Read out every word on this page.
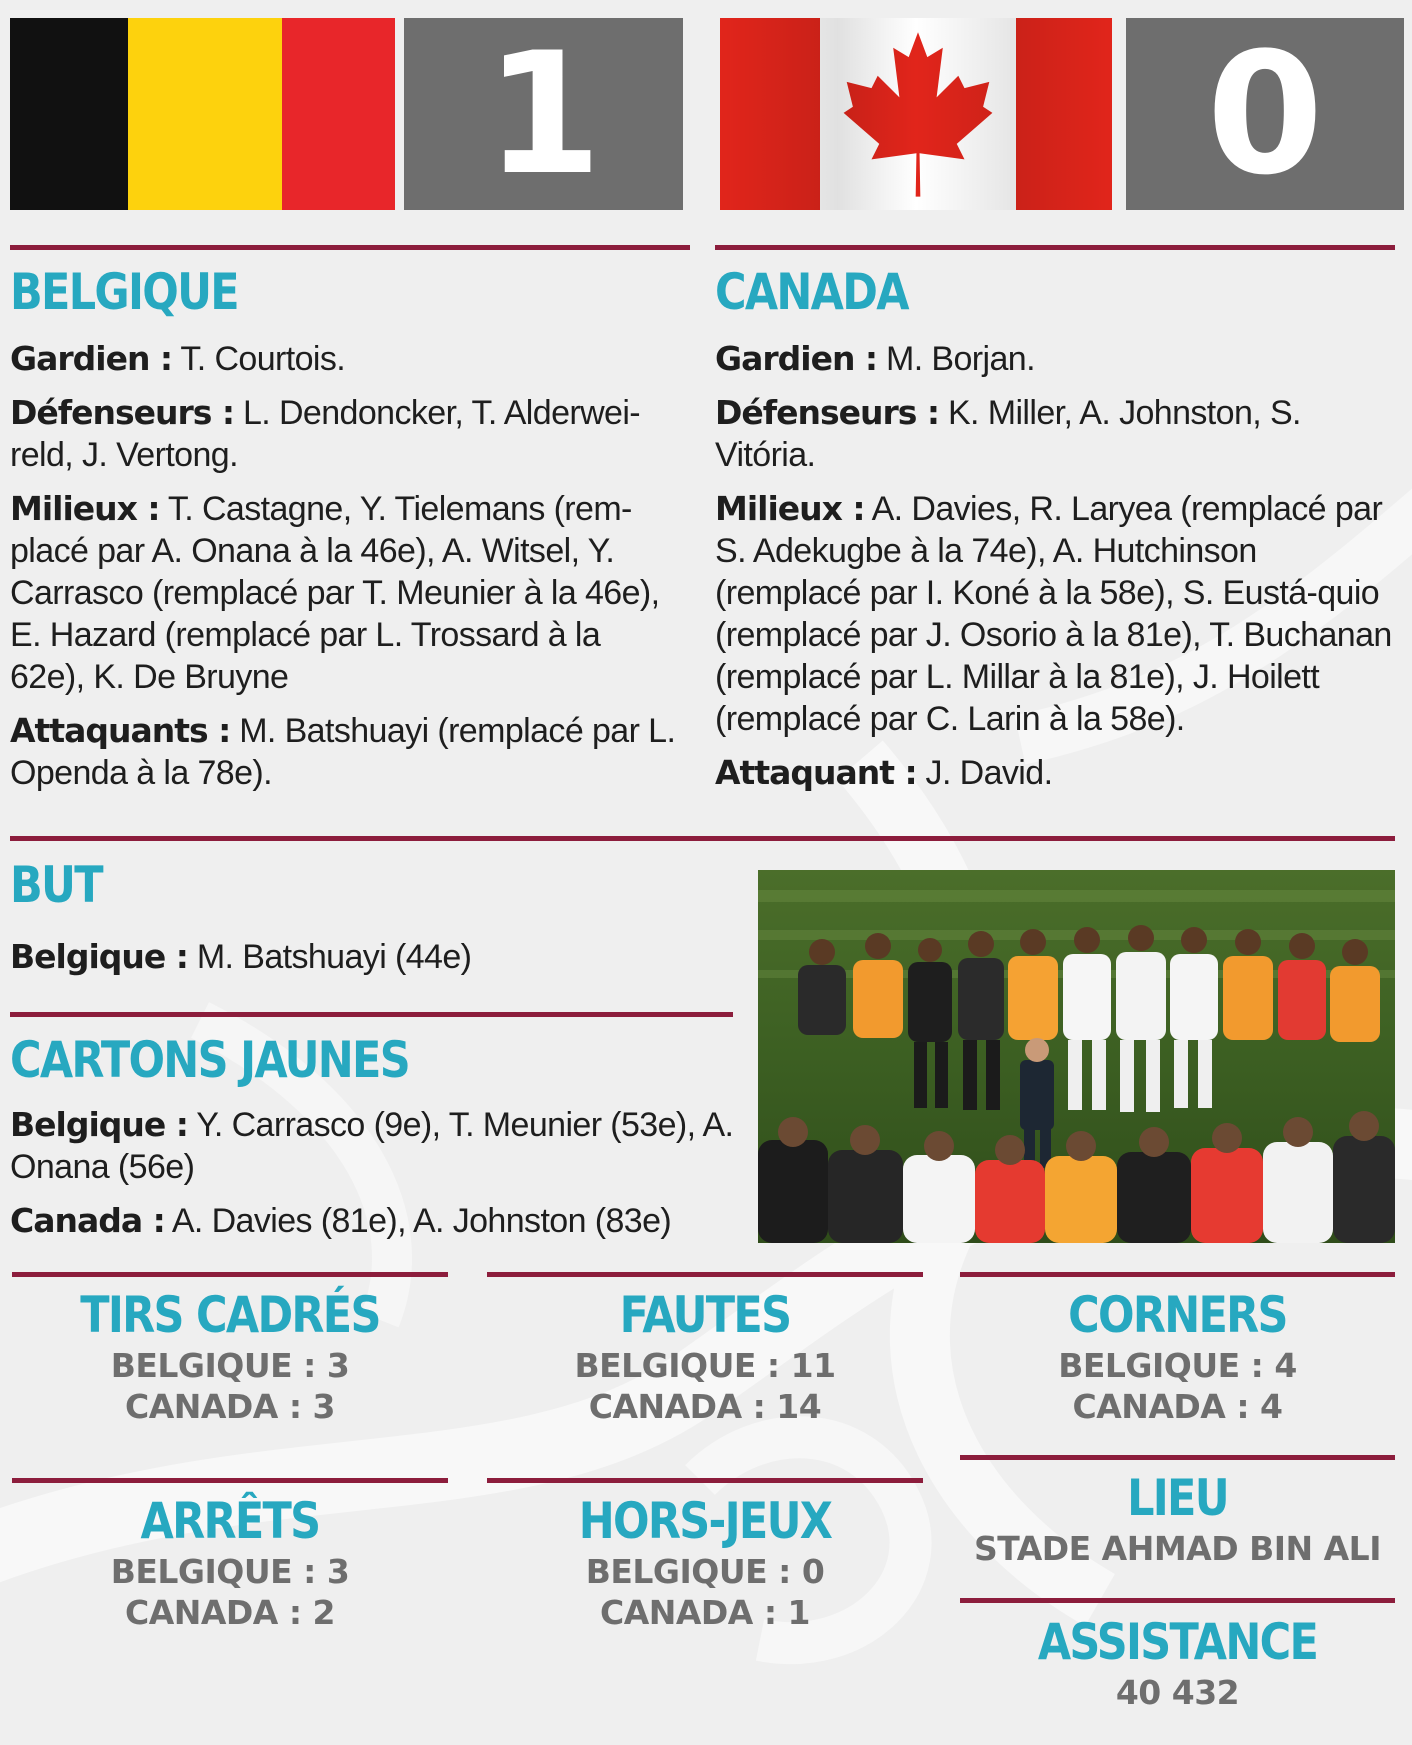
1	0
BELGIQUE	CANADA

Gardien : T. Courtois.

Défenseurs : L. Dendoncker, T. Alderwei-reld, J. Vertong.

Milieux : T. Castagne, Y. Tielemans (rem-placé par A. Onana à la 46e), A. Witsel, Y. Carrasco (remplacé par T. Meunier à la 46e), E. Hazard (remplacé par L. Trossard à la 62e), K. De Bruyne

Attaquants : M. Batshuayi (remplacé par L. Openda à la 78e).

Gardien : M. Borjan.

Défenseurs : K. Miller, A. Johnston, S. Vitória.

Milieux : A. Davies, R. Laryea (remplacé par S. Adekugbe à la 74e), A. Hutchinson (remplacé par I. Koné à la 58e), S. Eustá-quio (remplacé par J. Osorio à la 81e), T. Buchanan (remplacé par L. Millar à la 81e), J. Hoilett (remplacé par C. Larin à la 58e).

Attaquant : J. David.

BUT
Belgique : M. Batshuayi (44e)
CARTONS JAUNES
Belgique : Y. Carrasco (9e), T. Meunier (53e), A. Onana (56e)
Canada : A. Davies (81e), A. Johnston (83e)
TIRS CADRÉS
BELGIQUE : 3
CANADA : 3
FAUTES
BELGIQUE : 11
CANADA : 14
CORNERS
BELGIQUE : 4
CANADA : 4
ARRÊTS
BELGIQUE : 3
CANADA : 2
HORS-JEUX
BELGIQUE : 0
CANADA : 1
LIEU
STADE AHMAD BIN ALI
ASSISTANCE
40 432
